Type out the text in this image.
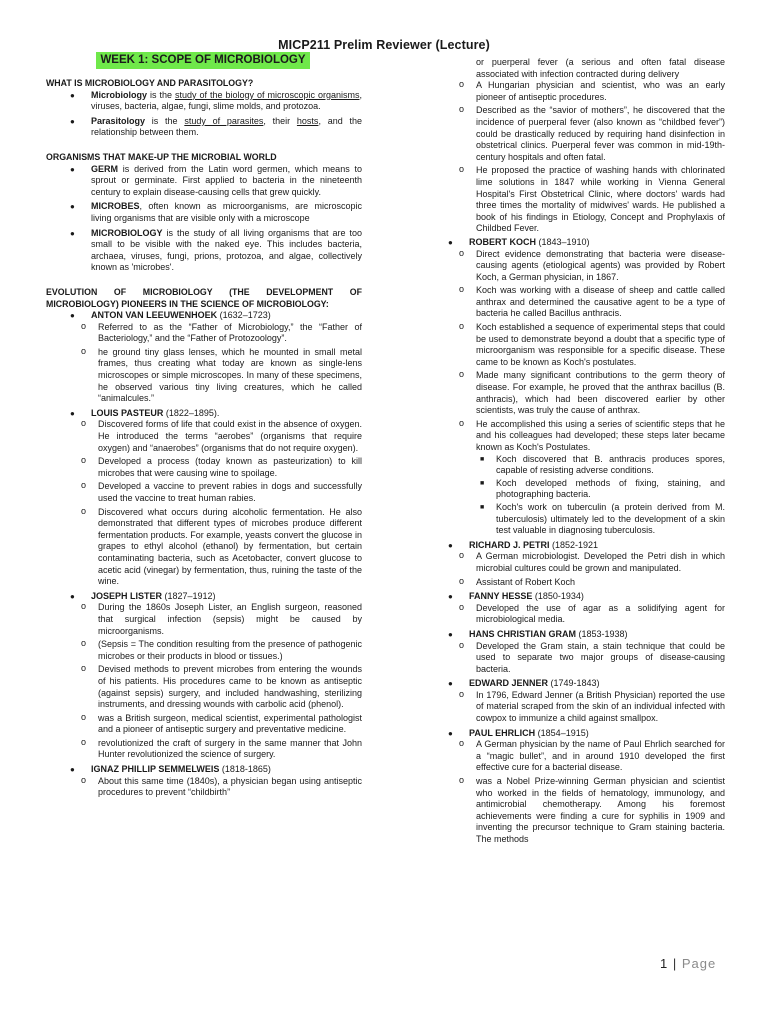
MICP211 Prelim Reviewer (Lecture)
WEEK 1: SCOPE OF MICROBIOLOGY
WHAT IS MICROBIOLOGY AND PARASITOLOGY?
● Microbiology is the study of the biology of microscopic organisms, viruses, bacteria, algae, fungi, slime molds, and protozoa.
● Parasitology is the study of parasites, their hosts, and the relationship between them.
ORGANISMS THAT MAKE-UP THE MICROBIAL WORLD
● GERM is derived from the Latin word germen, which means to sprout or germinate. First applied to bacteria in the nineteenth century to explain disease-causing cells that grew quickly.
● MICROBES, often known as microorganisms, are microscopic living organisms that are visible only with a microscope
● MICROBIOLOGY is the study of all living organisms that are too small to be visible with the naked eye. This includes bacteria, archaea, viruses, fungi, prions, protozoa, and algae, collectively known as 'microbes'.
EVOLUTION OF MICROBIOLOGY (THE DEVELOPMENT OF MICROBIOLOGY) PIONEERS IN THE SCIENCE OF MICROBIOLOGY:
● ANTON VAN LEEUWENHOEK (1632–1723)
o Referred to as the “Father of Microbiology,” the “Father of Bacteriology,” and the “Father of Protozoology”.
o he ground tiny glass lenses, which he mounted in small metal frames, thus creating what today are known as single-lens microscopes or simple microscopes. In many of these specimens, he observed various tiny living creatures, which he called “animalcules.”
● LOUIS PASTEUR (1822–1895).
o Discovered forms of life that could exist in the absence of oxygen. He introduced the terms “aerobes” (organisms that require oxygen) and “anaerobes” (organisms that do not require oxygen).
o Developed a process (today known as pasteurization) to kill microbes that were causing wine to spoilage.
o Developed a vaccine to prevent rabies in dogs and successfully used the vaccine to treat human rabies.
o Discovered what occurs during alcoholic fermentation. He also demonstrated that different types of microbes produce different fermentation products. For example, yeasts convert the glucose in grapes to ethyl alcohol (ethanol) by fermentation, but certain contaminating bacteria, such as Acetobacter, convert glucose to acetic acid (vinegar) by fermentation, thus, ruining the taste of the wine.
● JOSEPH LISTER (1827–1912)
o During the 1860s Joseph Lister, an English surgeon, reasoned that surgical infection (sepsis) might be caused by microorganisms.
o (Sepsis = The condition resulting from the presence of pathogenic microbes or their products in blood or tissues.)
o Devised methods to prevent microbes from entering the wounds of his patients. His procedures came to be known as antiseptic (against sepsis) surgery, and included handwashing, sterilizing instruments, and dressing wounds with carbolic acid (phenol).
o was a British surgeon, medical scientist, experimental pathologist and a pioneer of antiseptic surgery and preventative medicine.
o revolutionized the craft of surgery in the same manner that John Hunter revolutionized the science of surgery.
● IGNAZ PHILLIP SEMMELWEIS (1818-1865)
o About this same time (1840s), a physician began using antiseptic procedures to prevent “childbirth”
or puerperal fever (a serious and often fatal disease associated with infection contracted during delivery
o A Hungarian physician and scientist, who was an early pioneer of antiseptic procedures.
o Described as the “savior of mothers”, he discovered that the incidence of puerperal fever (also known as “childbed fever”) could be drastically reduced by requiring hand disinfection in obstetrical clinics. Puerperal fever was common in mid-19th-century hospitals and often fatal.
o He proposed the practice of washing hands with chlorinated lime solutions in 1847 while working in Vienna General Hospital's First Obstetrical Clinic, where doctors' wards had three times the mortality of midwives' wards. He published a book of his findings in Etiology, Concept and Prophylaxis of Childbed Fever.
● ROBERT KOCH (1843–1910)
o Direct evidence demonstrating that bacteria were disease-causing agents (etiological agents) was provided by Robert Koch, a German physician, in 1867.
o Koch was working with a disease of sheep and cattle called anthrax and determined the causative agent to be a type of bacteria he called Bacillus anthracis.
o Koch established a sequence of experimental steps that could be used to demonstrate beyond a doubt that a specific type of microorganism was responsible for a specific disease. These came to be known as Koch's postulates.
o Made many significant contributions to the germ theory of disease. For example, he proved that the anthrax bacillus (B. anthracis), which had been discovered earlier by other scientists, was truly the cause of anthrax.
o He accomplished this using a series of scientific steps that he and his colleagues had developed; these steps later became known as Koch's Postulates.
■ Koch discovered that B. anthracis produces spores, capable of resisting adverse conditions.
■ Koch developed methods of fixing, staining, and photographing bacteria.
■ Koch's work on tuberculin (a protein derived from M. tuberculosis) ultimately led to the development of a skin test valuable in diagnosing tuberculosis.
● RICHARD J. PETRI (1852-1921
o A German microbiologist. Developed the Petri dish in which microbial cultures could be grown and manipulated.
o Assistant of Robert Koch
● FANNY HESSE (1850-1934)
o Developed the use of agar as a solidifying agent for microbiological media.
● HANS CHRISTIAN GRAM (1853-1938)
o Developed the Gram stain, a stain technique that could be used to separate two major groups of disease-causing bacteria.
● EDWARD JENNER (1749-1843)
o In 1796, Edward Jenner (a British Physician) reported the use of material scraped from the skin of an individual infected with cowpox to immunize a child against smallpox.
● PAUL EHRLICH (1854–1915)
o A German physician by the name of Paul Ehrlich searched for a “magic bullet”, and in around 1910 developed the first effective cure for a bacterial disease.
o was a Nobel Prize-winning German physician and scientist who worked in the fields of hematology, immunology, and antimicrobial chemotherapy. Among his foremost achievements were finding a cure for syphilis in 1909 and inventing the precursor technique to Gram staining bacteria. The methods
1 | Page
